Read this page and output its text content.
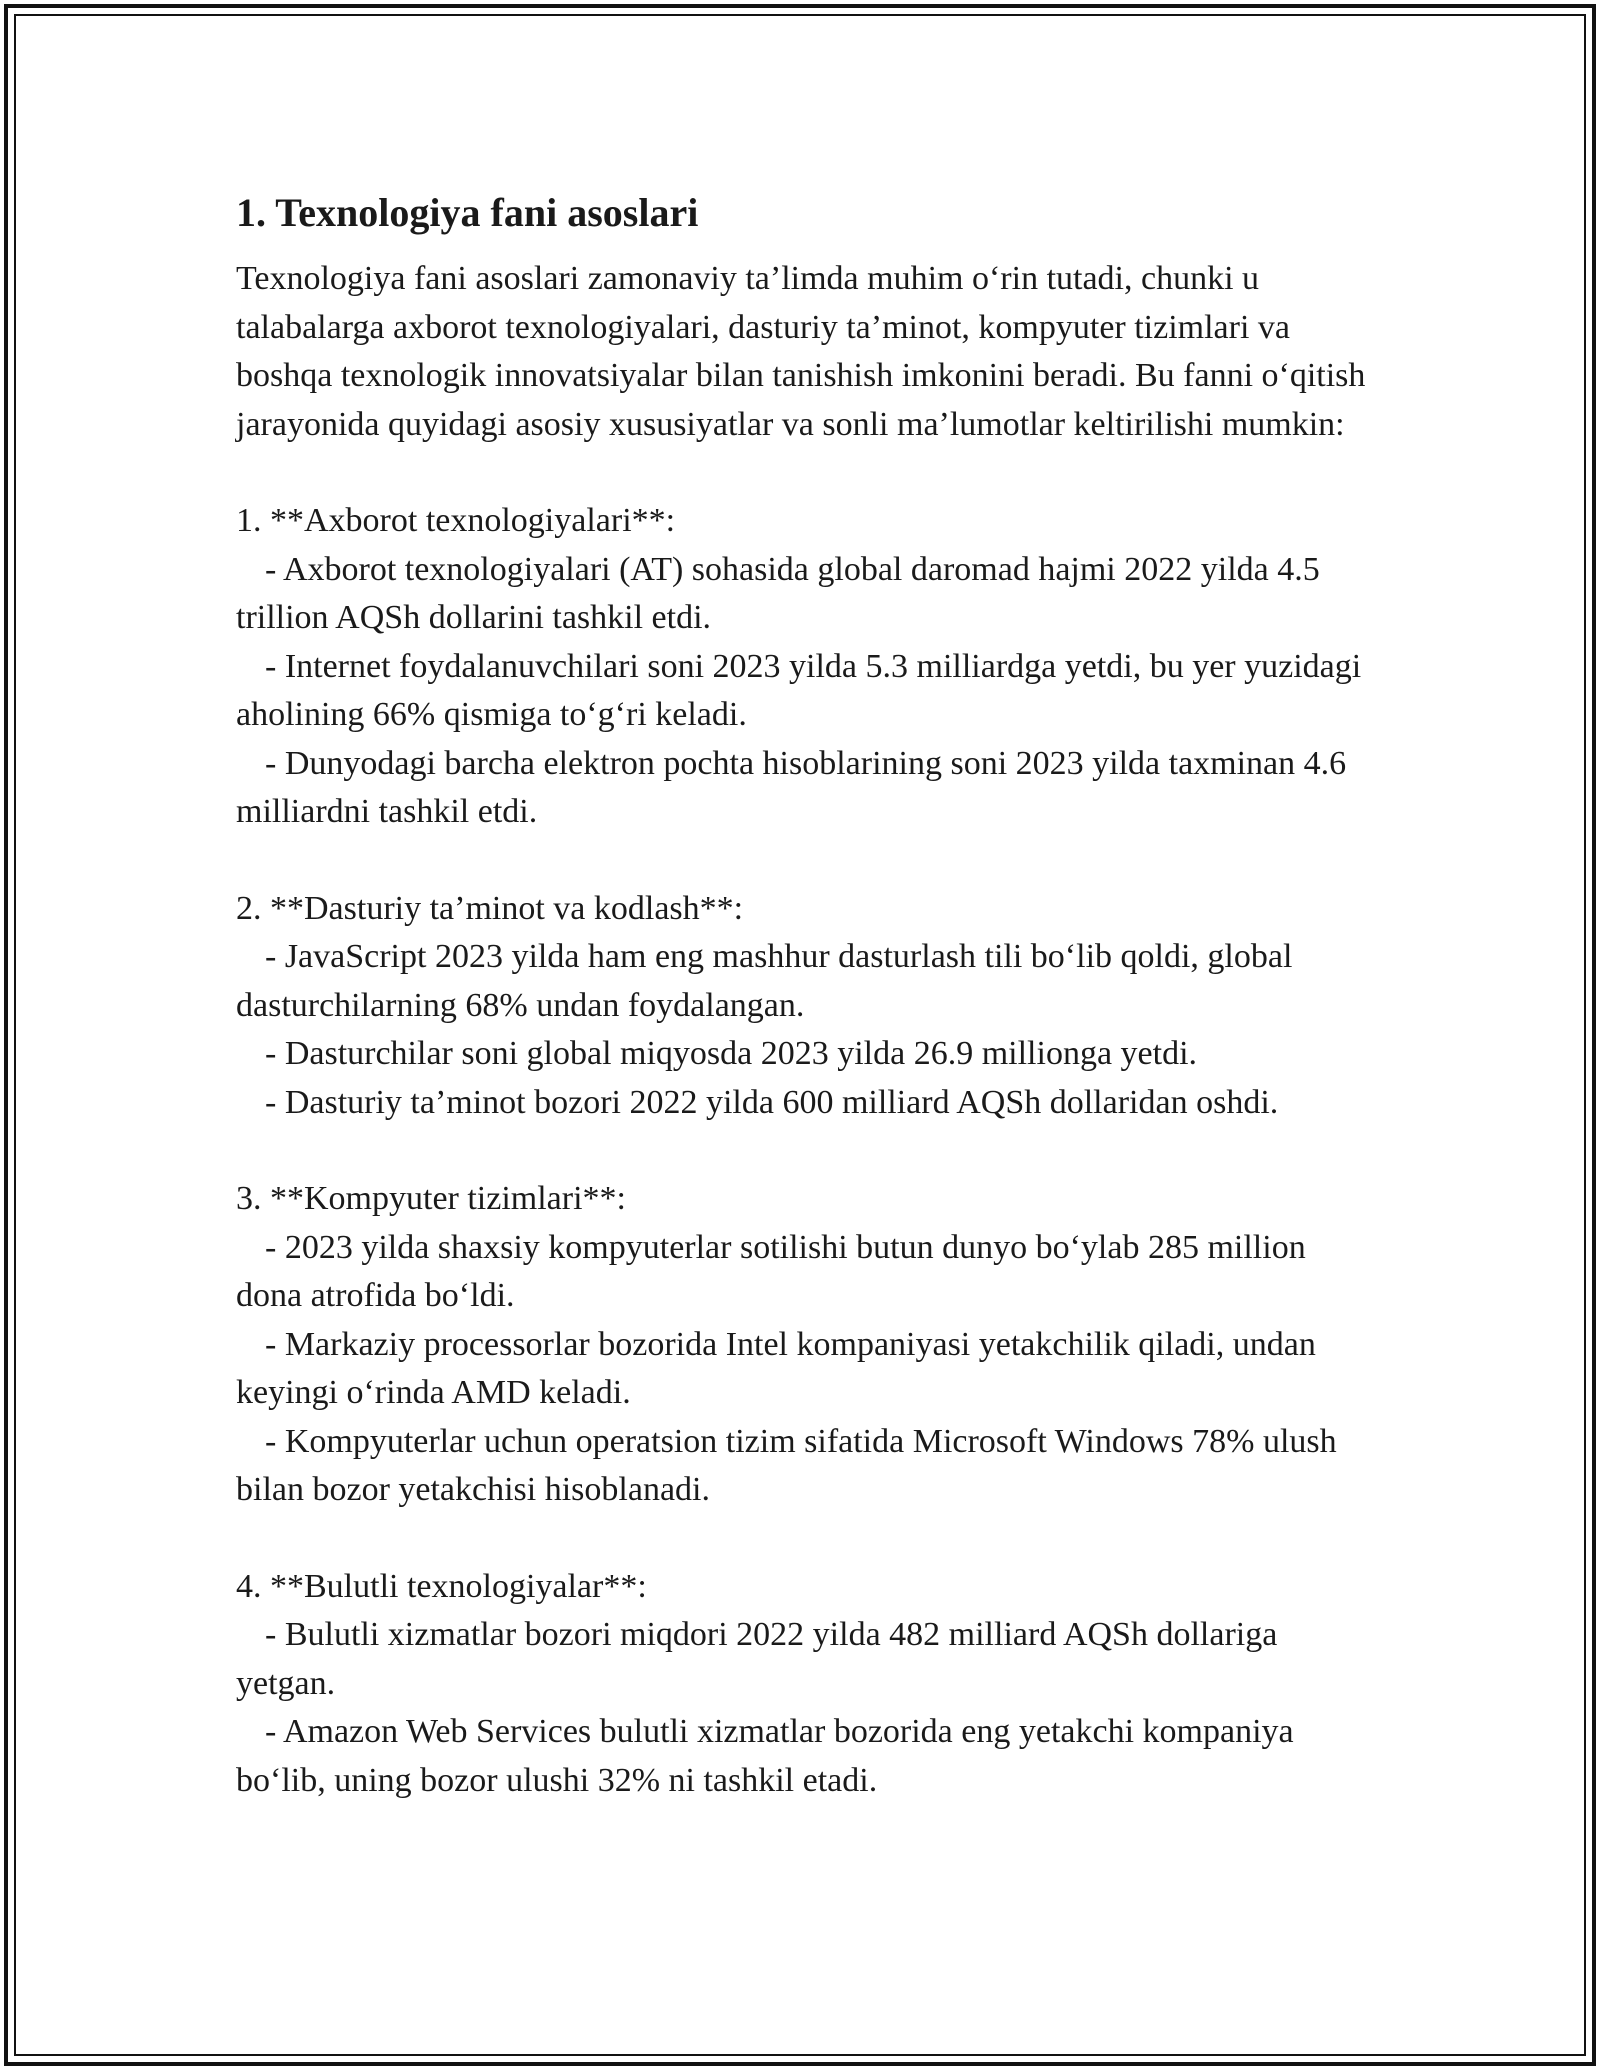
1. Texnologiya fani asoslari

Texnologiya fani asoslari zamonaviy ta’limda muhim o‘rin tutadi, chunki u talabalarga axborot texnologiyalari, dasturiy ta’minot, kompyuter tizimlari va boshqa texnologik innovatsiyalar bilan tanishish imkonini beradi. Bu fanni o‘qitish jarayonida quyidagi asosiy xususiyatlar va sonli ma’lumotlar keltirilishi mumkin:

1. **Axborot texnologiyalari**:

- Axborot texnologiyalari (AT) sohasida global daromad hajmi 2022 yilda 4.5 trillion AQSh dollarini tashkil etdi.

- Internet foydalanuvchilari soni 2023 yilda 5.3 milliardga yetdi, bu yer yuzidagi aholining 66% qismiga to‘g‘ri keladi.

- Dunyodagi barcha elektron pochta hisoblarining soni 2023 yilda taxminan 4.6 milliardni tashkil etdi.

2. **Dasturiy ta’minot va kodlash**:

- JavaScript 2023 yilda ham eng mashhur dasturlash tili bo‘lib qoldi, global dasturchilarning 68% undan foydalangan.

- Dasturchilar soni global miqyosda 2023 yilda 26.9 millionga yetdi.

- Dasturiy ta’minot bozori 2022 yilda 600 milliard AQSh dollaridan oshdi.

3. **Kompyuter tizimlari**:

- 2023 yilda shaxsiy kompyuterlar sotilishi butun dunyo bo‘ylab 285 million dona atrofida bo‘ldi.

- Markaziy processorlar bozorida Intel kompaniyasi yetakchilik qiladi, undan keyingi o‘rinda AMD keladi.

- Kompyuterlar uchun operatsion tizim sifatida Microsoft Windows 78% ulush bilan bozor yetakchisi hisoblanadi.

4. **Bulutli texnologiyalar**:

- Bulutli xizmatlar bozori miqdori 2022 yilda 482 milliard AQSh dollariga yetgan.

- Amazon Web Services bulutli xizmatlar bozorida eng yetakchi kompaniya bo‘lib, uning bozor ulushi 32% ni tashkil etadi.
